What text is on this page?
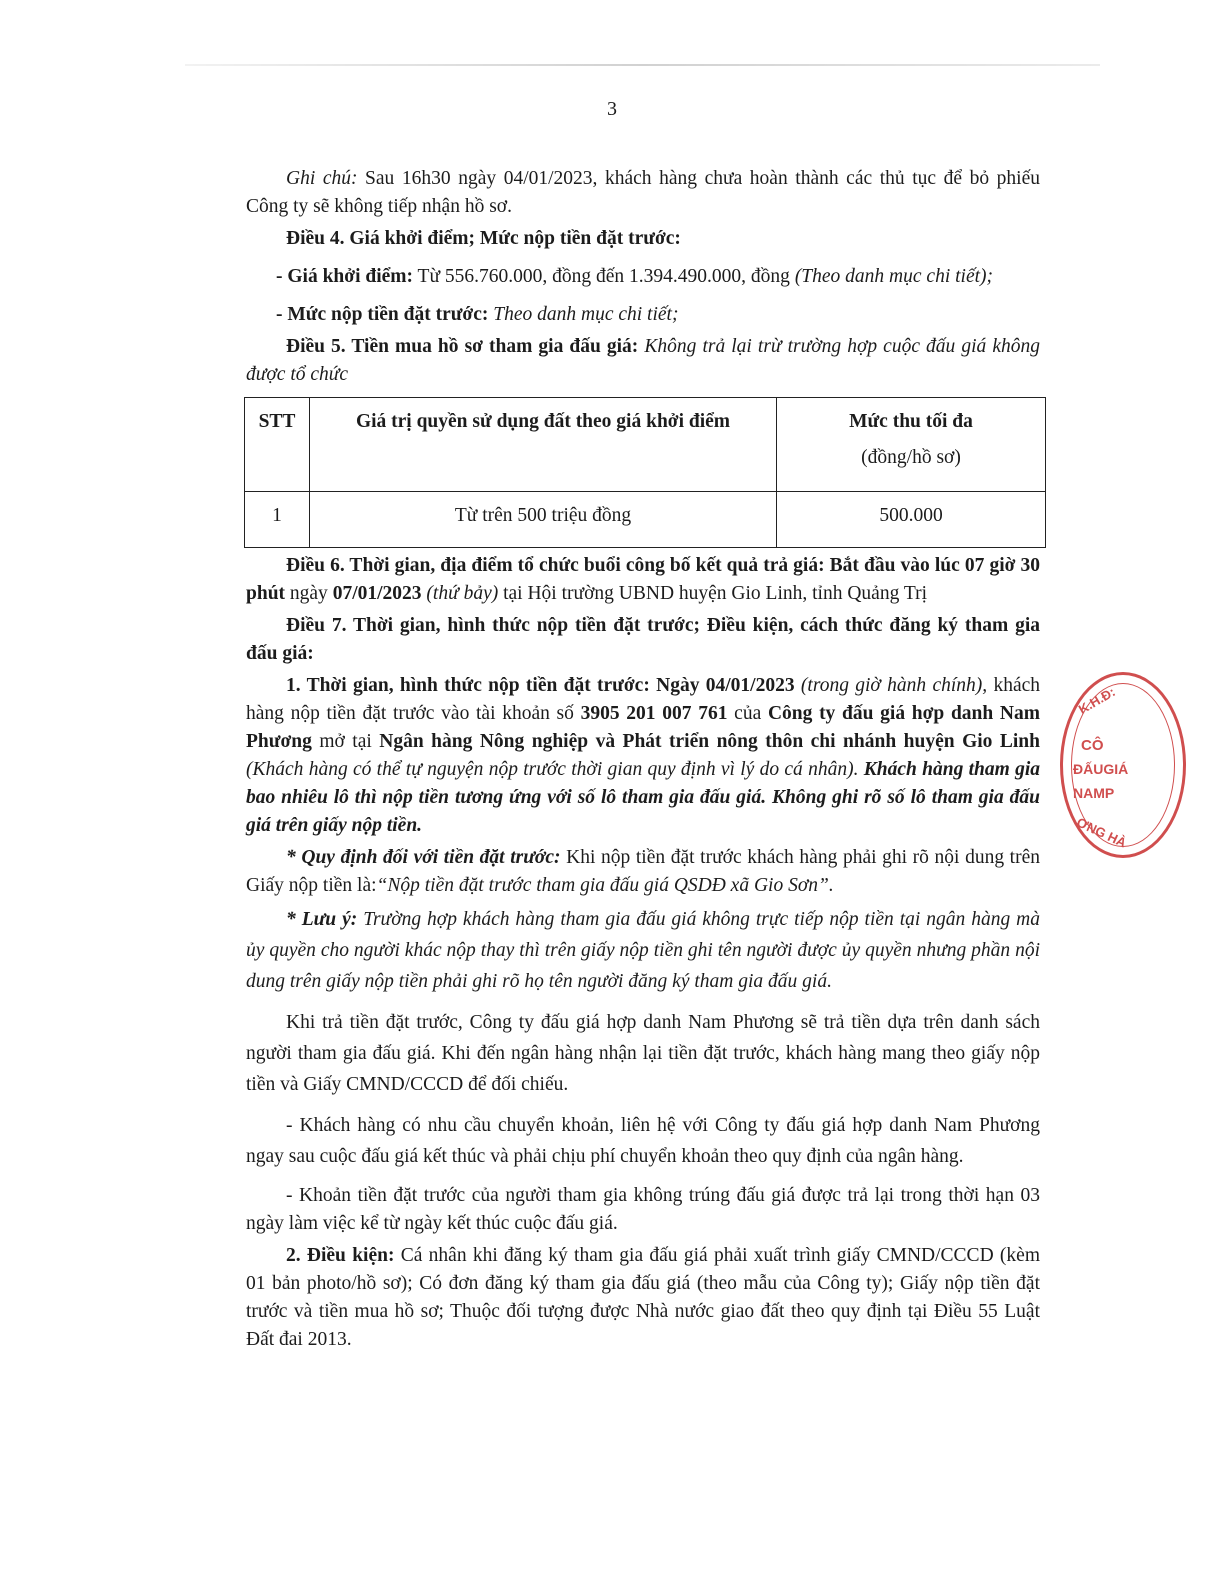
3

Ghi chú: Sau 16h30 ngày 04/01/2023, khách hàng chưa hoàn thành các thủ tục để bỏ phiếu Công ty sẽ không tiếp nhận hồ sơ.

Điều 4. Giá khởi điểm; Mức nộp tiền đặt trước:

- Giá khởi điểm: Từ 556.760.000, đồng đến 1.394.490.000, đồng (Theo danh mục chi tiết);

- Mức nộp tiền đặt trước: Theo danh mục chi tiết;

Điều 5. Tiền mua hồ sơ tham gia đấu giá: Không trả lại trừ trường hợp cuộc đấu giá không được tổ chức

STT	Giá trị quyền sử dụng đất theo giá khởi điểm	Mức thu tối đa
(đồng/hồ sơ)

1	Từ trên 500 triệu đồng	500.000

Điều 6. Thời gian, địa điểm tổ chức buổi công bố kết quả trả giá: Bắt đầu vào lúc 07 giờ 30 phút ngày 07/01/2023 (thứ bảy) tại Hội trường UBND huyện Gio Linh, tỉnh Quảng Trị

Điều 7. Thời gian, hình thức nộp tiền đặt trước; Điều kiện, cách thức đăng ký tham gia đấu giá:

1. Thời gian, hình thức nộp tiền đặt trước: Ngày 04/01/2023 (trong giờ hành chính), khách hàng nộp tiền đặt trước vào tài khoản số 3905 201 007 761 của Công ty đấu giá hợp danh Nam Phương mở tại Ngân hàng Nông nghiệp và Phát triển nông thôn chi nhánh huyện Gio Linh (Khách hàng có thể tự nguyện nộp trước thời gian quy định vì lý do cá nhân). Khách hàng tham gia bao nhiêu lô thì nộp tiền tương ứng với số lô tham gia đấu giá. Không ghi rõ số lô tham gia đấu giá trên giấy nộp tiền.

* Quy định đối với tiền đặt trước: Khi nộp tiền đặt trước khách hàng phải ghi rõ nội dung trên Giấy nộp tiền là:“Nộp tiền đặt trước tham gia đấu giá QSDĐ xã Gio Sơn”.

* Lưu ý: Trường hợp khách hàng tham gia đấu giá không trực tiếp nộp tiền tại ngân hàng mà ủy quyền cho người khác nộp thay thì trên giấy nộp tiền ghi tên người được ủy quyền nhưng phần nội dung trên giấy nộp tiền phải ghi rõ họ tên người đăng ký tham gia đấu giá.

Khi trả tiền đặt trước, Công ty đấu giá hợp danh Nam Phương sẽ trả tiền dựa trên danh sách người tham gia đấu giá. Khi đến ngân hàng nhận lại tiền đặt trước, khách hàng mang theo giấy nộp tiền và Giấy CMND/CCCD để đối chiếu.

- Khách hàng có nhu cầu chuyển khoản, liên hệ với Công ty đấu giá hợp danh Nam Phương ngay sau cuộc đấu giá kết thúc và phải chịu phí chuyển khoản theo quy định của ngân hàng.

- Khoản tiền đặt trước của người tham gia không trúng đấu giá được trả lại trong thời hạn 03 ngày làm việc kể từ ngày kết thúc cuộc đấu giá.

2. Điều kiện: Cá nhân khi đăng ký tham gia đấu giá phải xuất trình giấy CMND/CCCD (kèm 01 bản photo/hồ sơ); Có đơn đăng ký tham gia đấu giá (theo mẫu của Công ty); Giấy nộp tiền đặt trước và tiền mua hồ sơ; Thuộc đối tượng được Nhà nước giao đất theo quy định tại Điều 55 Luật Đất đai 2013.

K.H.Đ:
CÔ
ĐẤUGIÁ
NAMP
ỢNG HÀ
